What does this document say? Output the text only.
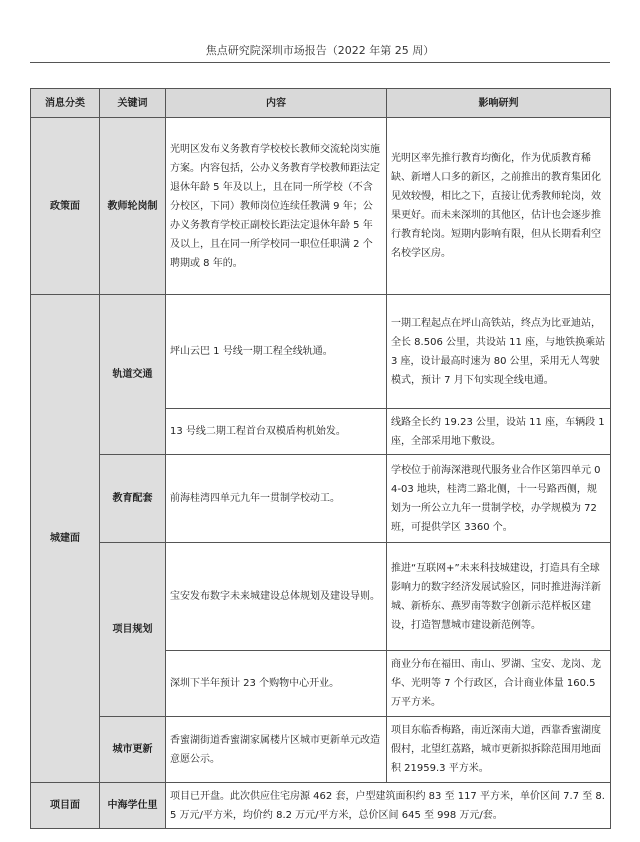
焦点研究院深圳市场报告（2022 年第 25 周）
消息分类	关键词	内容	影响研判
政策面	教师轮岗制	光明区发布义务教育学校校长教师交流轮岗实施方案。内容包括，公办义务教育学校教师距法定退休年龄 5 年及以上，且在同一所学校（不含分校区，下同）教师岗位连续任教满 9 年；公办义务教育学校正副校长距法定退休年龄 5 年及以上，且在同一所学校同一职位任职满 2 个聘期或 8 年的。	光明区率先推行教育均衡化，作为优质教育稀缺、新增人口多的新区，之前推出的教育集团化见效较慢，相比之下，直接让优秀教师轮岗，效果更好。而未来深圳的其他区，估计也会逐步推行教育轮岗。短期内影响有限，但从长期看利空名校学区房。
城建面	轨道交通	坪山云巴 1 号线一期工程全线轨通。	一期工程起点在坪山高铁站，终点为比亚迪站，全长 8.506 公里，共设站 11 座，与地铁换乘站 3 座，设计最高时速为 80 公里，采用无人驾驶模式，预计 7 月下旬实现全线电通。
		13 号线二期工程首台双模盾构机始发。	线路全长约 19.23 公里，设站 11 座，车辆段 1 座，全部采用地下敷设。
	教育配套	前海桂湾四单元九年一贯制学校动工。	学校位于前海深港现代服务业合作区第四单元 04-03 地块，桂湾二路北侧，十一号路西侧，规划为一所公立九年一贯制学校，办学规模为 72 班，可提供学区 3360 个。
	项目规划	宝安发布数字未来城建设总体规划及建设导则。	推进“互联网+”未来科技城建设，打造具有全球影响力的数字经济发展试验区，同时推进海洋新城、新桥东、燕罗南等数字创新示范样板区建设，打造智慧城市建设新范例等。
		深圳下半年预计 23 个购物中心开业。	商业分布在福田、南山、罗湖、宝安、龙岗、龙华、光明等 7 个行政区，合计商业体量 160.5 万平方米。
	城市更新	香蜜湖街道香蜜湖家属楼片区城市更新单元改造意愿公示。	项目东临香梅路，南近深南大道，西靠香蜜湖度假村，北望红荔路，城市更新拟拆除范围用地面积 21959.3 平方米。
项目面	中海学仕里	项目已开盘。此次供应住宅房源 462 套，户型建筑面积约 83 至 117 平方米，单价区间 7.7 至 8.5 万元/平方米，均价约 8.2 万元/平方米，总价区间 645 至 998 万元/套。	
